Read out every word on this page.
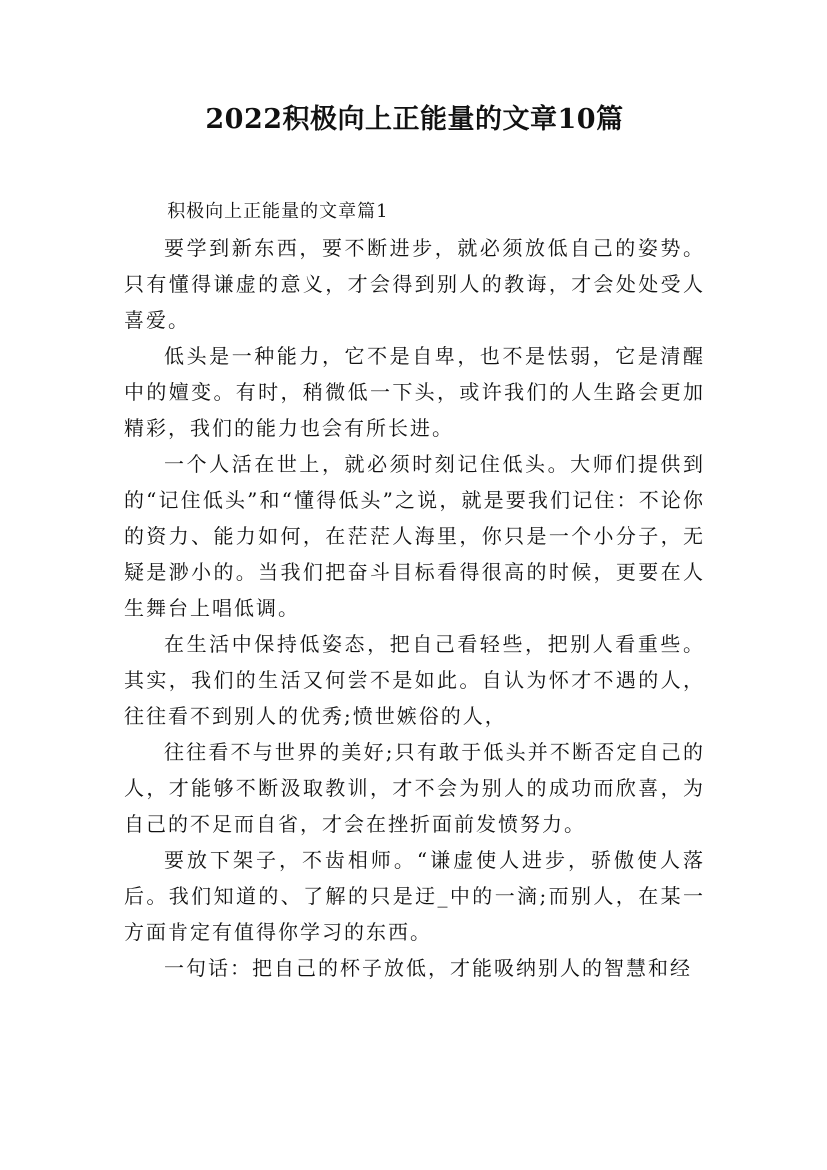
2022积极向上正能量的文章10篇

积极向上正能量的文章篇1

要学到新东西，要不断进步，就必须放低自己的姿势。只有懂得谦虚的意义，才会得到别人的教诲，才会处处受人喜爱。

低头是一种能力，它不是自卑，也不是怯弱，它是清醒中的嬗变。有时，稍微低一下头，或许我们的人生路会更加精彩，我们的能力也会有所长进。

一个人活在世上，就必须时刻记住低头。大师们提供到的“记住低头”和“懂得低头”之说，就是要我们记住：不论你的资力、能力如何，在茫茫人海里，你只是一个小分子，无疑是渺小的。当我们把奋斗目标看得很高的时候，更要在人生舞台上唱低调。

在生活中保持低姿态，把自己看轻些，把别人看重些。其实，我们的生活又何尝不是如此。自认为怀才不遇的人，往往看不到别人的优秀;愤世嫉俗的人，

往往看不与世界的美好;只有敢于低头并不断否定自己的人，才能够不断汲取教训，才不会为别人的成功而欣喜，为自己的不足而自省，才会在挫折面前发愤努力。

要放下架子，不齿相师。“谦虚使人进步，骄傲使人落后。我们知道的、了解的只是迂_中的一滴;而别人，在某一方面肯定有值得你学习的东西。

一句话：把自己的杯子放低，才能吸纳别人的智慧和经
